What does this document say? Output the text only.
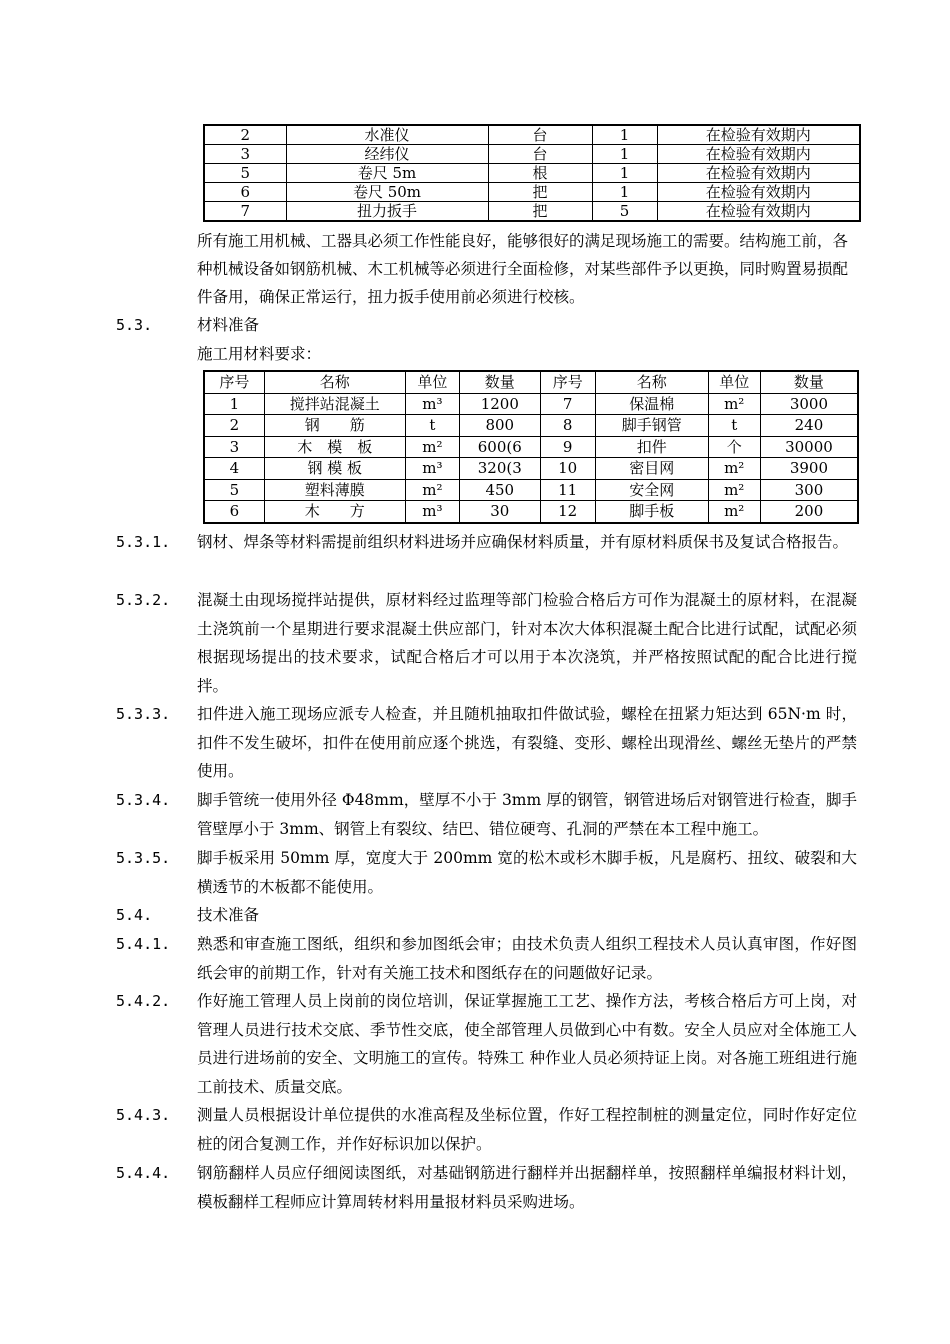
2	水准仪	台	1	在检验有效期内
3	经纬仪	台	1	在检验有效期内
5	卷尺 5m	根	1	在检验有效期内
6	卷尺 50m	把	1	在检验有效期内
7	扭力扳手	把	5	在检验有效期内
所有施工用机械、工器具必须工作性能良好，能够很好的满足现场施工的需要。结构施工前，各种机械设备如钢筋机械、木工机械等必须进行全面检修，对某些部件予以更换，同时购置易损配件备用，确保正常运行，扭力扳手使用前必须进行校核。
5.3.	材料准备
施工用材料要求：
序号	名称	单位	数量	序号	名称	单位	数量
1	搅拌站混凝土	m³	1200	7	保温棉	m²	3000
2	钢　　筋	t	800	8	脚手钢管	t	240
3	木　模　板	m²	600(6	9	扣件	个	30000
4	钢 模 板	m³	320(3	10	密目网	m²	3900
5	塑料薄膜	m²	450	11	安全网	m²	300
6	木　　方	m³	30	12	脚手板	m²	200
5.3.1. 钢材、焊条等材料需提前组织材料进场并应确保材料质量，并有原材料质保书及复试合格报告。
5.3.2. 混凝土由现场搅拌站提供，原材料经过监理等部门检验合格后方可作为混凝土的原材料，在混凝土浇筑前一个星期进行要求混凝土供应部门，针对本次大体积混凝土配合比进行试配，试配必须根据现场提出的技术要求，试配合格后才可以用于本次浇筑，并严格按照试配的配合比进行搅拌。
5.3.3. 扣件进入施工现场应派专人检查，并且随机抽取扣件做试验，螺栓在扭紧力矩达到 65N·m 时，扣件不发生破坏，扣件在使用前应逐个挑选，有裂缝、变形、螺栓出现滑丝、螺丝无垫片的严禁使用。
5.3.4. 脚手管统一使用外径 Φ48mm，壁厚不小于 3mm 厚的钢管，钢管进场后对钢管进行检查，脚手管壁厚小于 3mm、钢管上有裂纹、结巴、错位硬弯、孔洞的严禁在本工程中施工。
5.3.5. 脚手板采用 50mm 厚，宽度大于 200mm 宽的松木或杉木脚手板，凡是腐朽、扭纹、破裂和大横透节的木板都不能使用。
5.4.	技术准备
5.4.1. 熟悉和审查施工图纸，组织和参加图纸会审；由技术负责人组织工程技术人员认真审图，作好图纸会审的前期工作，针对有关施工技术和图纸存在的问题做好记录。
5.4.2. 作好施工管理人员上岗前的岗位培训，保证掌握施工工艺、操作方法，考核合格后方可上岗，对管理人员进行技术交底、季节性交底，使全部管理人员做到心中有数。安全人员应对全体施工人员进行进场前的安全、文明施工的宣传。特殊工 种作业人员必须持证上岗。对各施工班组进行施工前技术、质量交底。
5.4.3. 测量人员根据设计单位提供的水准高程及坐标位置，作好工程控制桩的测量定位，同时作好定位桩的闭合复测工作，并作好标识加以保护。
5.4.4. 钢筋翻样人员应仔细阅读图纸，对基础钢筋进行翻样并出据翻样单，按照翻样单编报材料计划，模板翻样工程师应计算周转材料用量报材料员采购进场。
